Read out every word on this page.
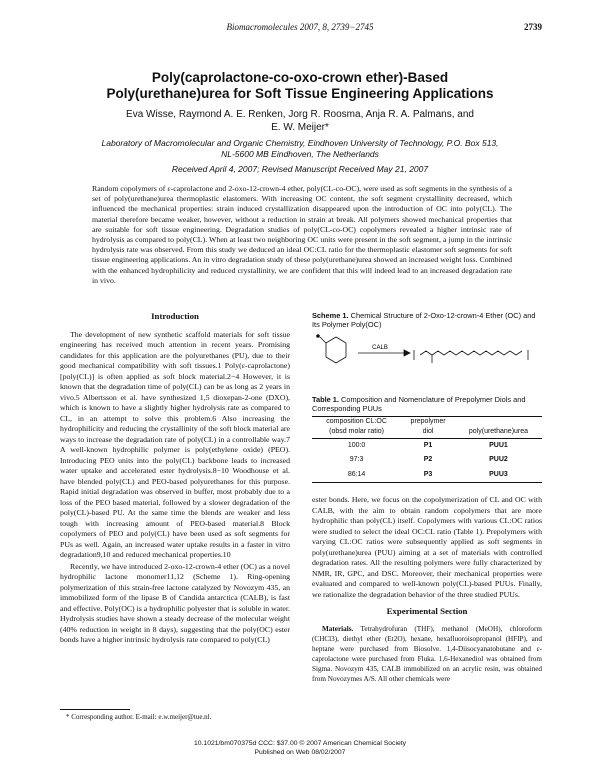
Biomacromolecules 2007, 8, 2739−2745	2739
Poly(caprolactone-co-oxo-crown ether)-Based
Poly(urethane)urea for Soft Tissue Engineering Applications
Eva Wisse, Raymond A. E. Renken, Jorg R. Roosma, Anja R. A. Palmans, and
E. W. Meijer*
Laboratory of Macromolecular and Organic Chemistry, Eindhoven University of Technology, P.O. Box 513,
NL-5600 MB Eindhoven, The Netherlands
Received April 4, 2007; Revised Manuscript Received May 21, 2007
Random copolymers of ε-caprolactone and 2-oxo-12-crown-4 ether, poly(CL-co-OC), were used as soft segments in the synthesis of a set of poly(urethane)urea thermoplastic elastomers. With increasing OC content, the soft segment crystallinity decreased, which influenced the mechanical properties: strain induced crystallization disappeared upon the introduction of OC into poly(CL). The material therefore became weaker, however, without a reduction in strain at break. All polymers showed mechanical properties that are suitable for soft tissue engineering. Degradation studies of poly(CL-co-OC) copolymers revealed a higher intrinsic rate of hydrolysis as compared to poly(CL). When at least two neighboring OC units were present in the soft segment, a jump in the intrinsic hydrolysis rate was observed. From this study we deduced an ideal OC:CL ratio for the thermoplastic elastomer soft segments for soft tissue engineering applications. An in vitro degradation study of these poly(urethane)urea showed an increased weight loss. Combined with the enhanced hydrophilicity and reduced crystallinity, we are confident that this will indeed lead to an increased degradation rate in vivo.
Introduction

The development of new synthetic scaffold materials for soft tissue engineering has received much attention in recent years. Promising candidates for this application are the polyurethanes (PU), due to their good mechanical compatibility with soft tissues.1 Poly(ε-caprolactone) [poly(CL)] is often applied as soft block material.2−4 However, it is known that the degradation time of poly(CL) can be as long as 2 years in vivo.5 Albertsson et al. have synthesized 1,5 dioxepan-2-one (DXO), which is known to have a slightly higher hydrolysis rate as compared to CL, in an attempt to solve this problem.6 Also increasing the hydrophilicity and reducing the crystallinity of the soft block material are ways to increase the degradation rate of poly(CL) in a controllable way.7 A well-known hydrophilic polymer is poly(ethylene oxide) (PEO). Introducing PEO units into the poly(CL) backbone leads to increased water uptake and accelerated ester hydrolysis.8−10 Woodhouse et al. have blended poly(CL) and PEO-based polyurethanes for this purpose. Rapid initial degradation was observed in buffer, most probably due to a loss of the PEO based material, followed by a slower degradation of the poly(CL)-based PU. At the same time the blends are weaker and less tough with increasing amount of PEO-based material.8 Block copolymers of PEO and poly(CL) have been used as soft segments for PUs as well. Again, an increased water uptake results in a faster in vitro degradation9,10 and reduced mechanical properties.10

Recently, we have introduced 2-oxo-12-crown-4 ether (OC) as a novel hydrophilic lactone monomer11,12 (Scheme 1). Ring-opening polymerization of this strain-free lactone catalyzed by Novozym 435, an immobilized form of the lipase B of Candida antarctica (CALB), is fast and effective. Poly(OC) is a hydrophilic polyester that is soluble in water. Hydrolysis studies have shown a steady decrease of the molecular weight (40% reduction in weight in 8 days), suggesting that the poly(OC) ester bonds have a higher intrinsic hydrolysis rate compared to poly(CL)

Scheme 1. Chemical Structure of 2-Oxo-12-crown-4 Ether (OC) and Its Polymer Poly(OC)
CALB
Table 1. Composition and Nomenclature of Prepolymer Diols and Corresponding PUUs
composition CL:OC	prepolymer	

(obsd molar ratio)	diol	poly(urethane)urea
100:0	P1	PUU1
97:3	P2	PUU2
86:14	P3	PUU3

ester bonds. Here, we focus on the copolymerization of CL and OC with CALB, with the aim to obtain random copolymers that are more hydrophilic than poly(CL) itself. Copolymers with various CL:OC ratios were studied to select the ideal OC:CL ratio (Table 1). Prepolymers with varying CL:OC ratios were subsequently applied as soft segments in poly(urethane)urea (PUU) aiming at a set of materials with controlled degradation rates. All the resulting polymers were fully characterized by NMR, IR, GPC, and DSC. Moreover, their mechanical properties were evaluated and compared to well-known poly(CL)-based PUUs. Finally, we rationalize the degradation behavior of the three studied PUUs.

Experimental Section

Materials. Tetrahydrofuran (THF), methanol (MeOH), chloroform (CHCl3), diethyl ether (Et2O), hexane, hexafluoroisopropanol (HFIP), and heptane were purchased from Biosolve. 1,4-Diisocyanatobutane and ε-caprolactone were purchased from Fluka. 1,6-Hexanediol was obtained from Sigma. Novozym 435, CALB immobilized on an acrylic resin, was obtained from Novozymes A/S. All other chemicals were

* Corresponding author. E-mail: e.w.meijer@tue.nl.
10.1021/bm070375d CCC: $37.00 © 2007 American Chemical Society
Published on Web 08/02/2007
